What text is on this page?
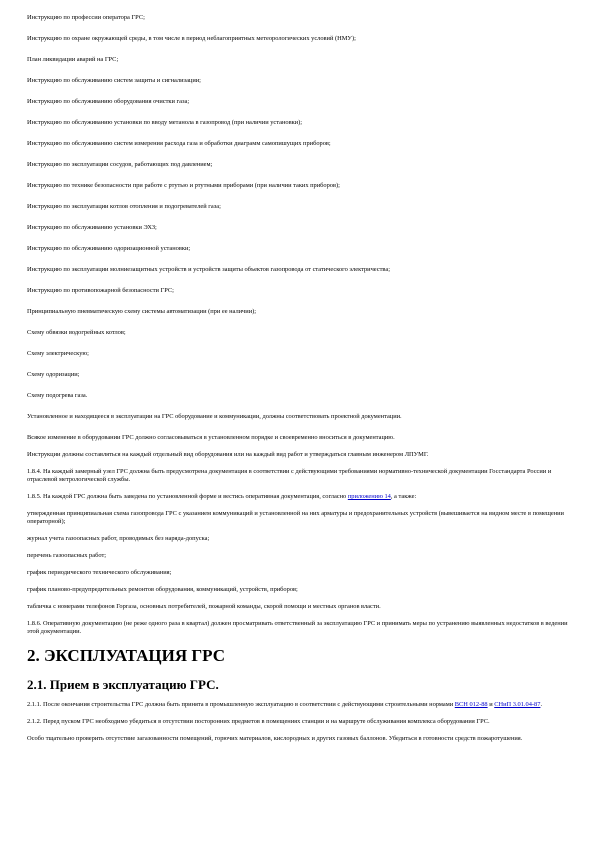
Инструкцию по профессии оператора ГРС;

Инструкцию по охране окружающей среды, в том числе в период неблагоприятных метеорологических условий (НМУ);

План ликвидации аварий на ГРС;

Инструкцию по обслуживанию систем защиты и сигнализации;

Инструкцию по обслуживанию оборудования очистки газа;

Инструкцию по обслуживанию установки по вводу метанола в газопровод (при наличии установки);

Инструкцию по обслуживанию систем измерения расхода газа и обработки диаграмм самопишущих приборов;

Инструкцию по эксплуатации сосудов, работающих под давлением;

Инструкцию по технике безопасности при работе с ртутью и ртутными приборами (при наличии таких приборов);

Инструкцию по эксплуатации котлов отопления и подогревателей газа;

Инструкцию по обслуживанию установки ЭХЗ;

Инструкцию по обслуживанию одоризационной установки;

Инструкцию по эксплуатации молниезащитных устройств и устройств защиты объектов газопровода от статического электричества;

Инструкцию по противопожарной безопасности ГРС;

Принципиальную пневматическую схему системы автоматизации (при ее наличии);

Схему обвязки водогрейных котлов;

Схему электрическую;

Схему одоризации;

Схему подогрева газа.

Установленное и находящееся в эксплуатации на ГРС оборудование и коммуникации, должны соответствовать проектной документации.

Всякое изменение в оборудовании ГРС должно согласовываться в установленном порядке и своевременно вноситься в документацию.

Инструкции должны составляться на каждый отдельный вид оборудования или на каждый вид работ и утверждаться главным инженером ЛПУМГ.

1.8.4. На каждый замерный узел ГРС должна быть предусмотрена документация в соответствии с действующими требованиями нормативно-технической документации Госстандарта России и отраслевой метрологической службы.

1.8.5. На каждой ГРС должна быть заведена по установленной форме и вестись оперативная документация, согласно приложению 14, а также:

утвержденная принципиальная схема газопровода ГРС с указанием коммуникаций и установленной на них арматуры и предохранительных устройств (вывешивается на видном месте в помещении операторной);

журнал учета газоопасных работ, проводимых без наряда-допуска;

перечень газоопасных работ;

график периодического технического обслуживания;

график планово-предупредительных ремонтов оборудования, коммуникаций, устройств, приборов;

табличка с номерами телефонов Горгаза, основных потребителей, пожарной команды, скорой помощи и местных органов власти.

1.8.6. Оперативную документацию (не реже одного раза в квартал) должен просматривать ответственный за эксплуатацию ГРС и принимать меры по устранению выявленных недостатков в ведении этой документации.

2. ЭКСПЛУАТАЦИЯ ГРС
2.1. Прием в эксплуатацию ГРС.

2.1.1. После окончания строительства ГРС должна быть принята в промышленную эксплуатацию в соответствии с действующими строительными нормами ВСН 012-88 и СНиП 3.01.04-87.

2.1.2. Перед пуском ГРС необходимо убедиться в отсутствии посторонних предметов в помещениях станции и на маршруте обслуживания комплекса оборудования ГРС.

Особо тщательно проверить отсутствие загазованности помещений, горючих материалов, кислородных и других газовых баллонов. Убедиться в готовности средств пожаротушения.
